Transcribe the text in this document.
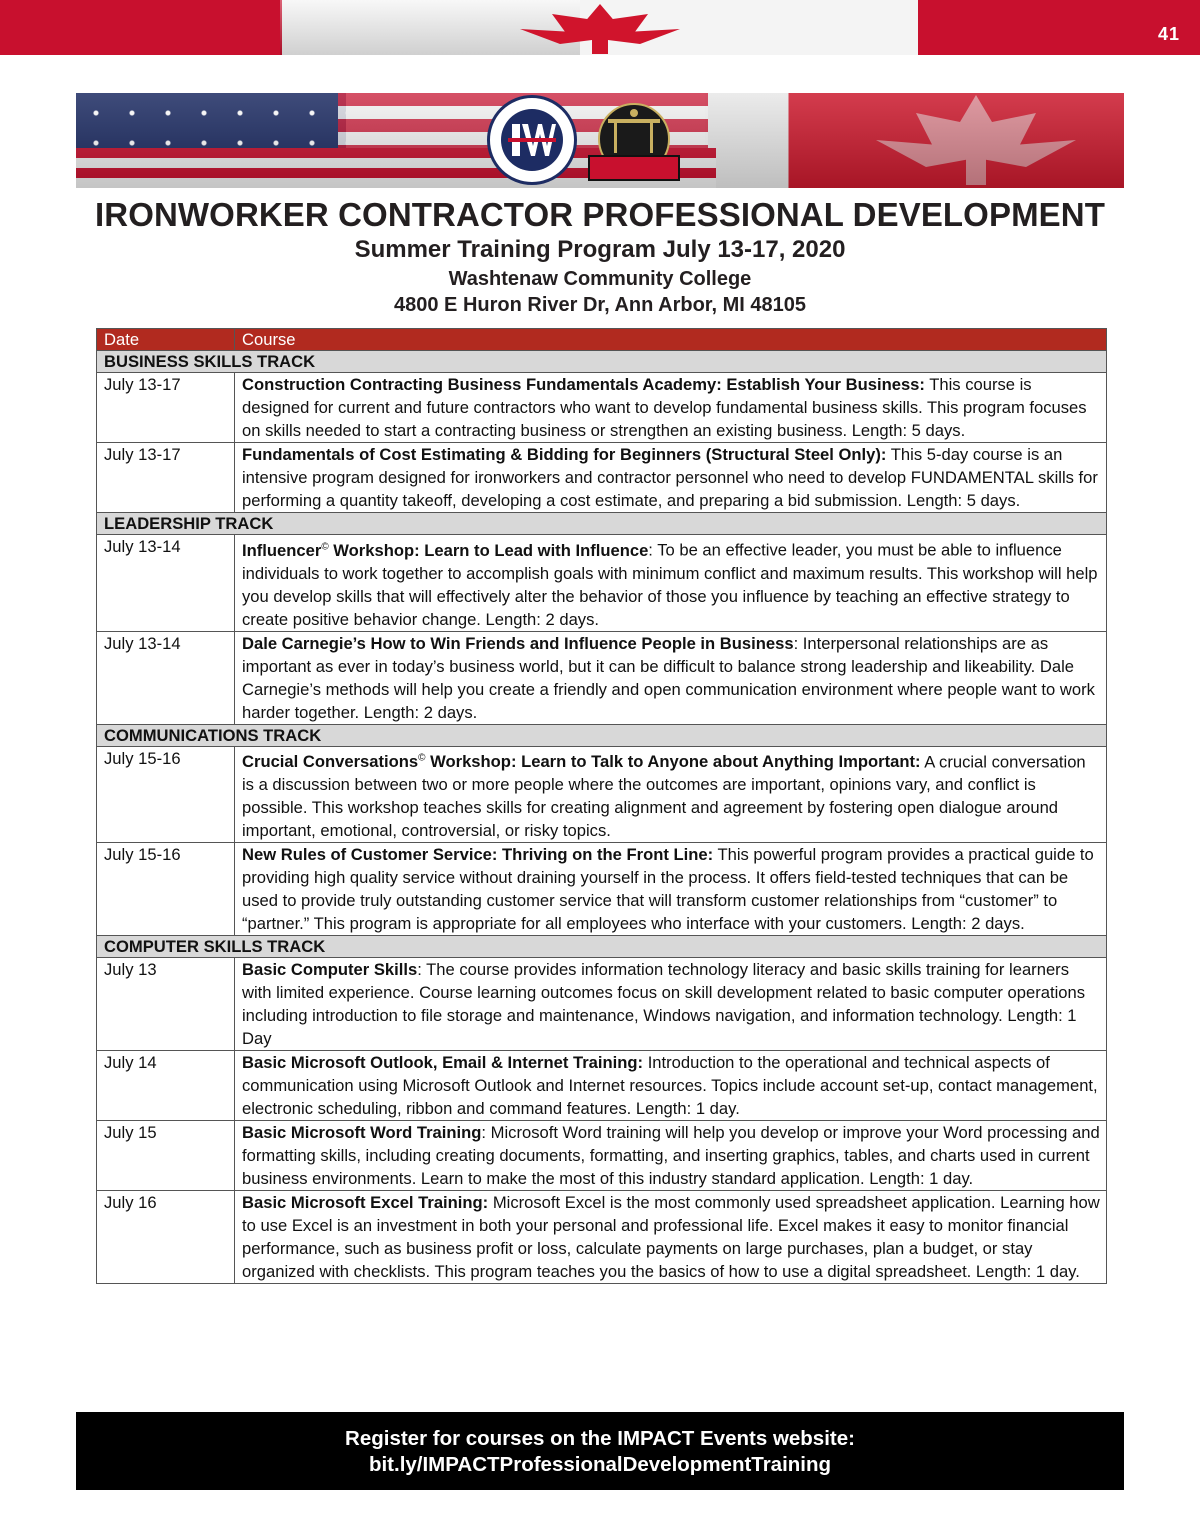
41
IRONWORKER CONTRACTOR PROFESSIONAL DEVELOPMENT
Summer Training Program July 13-17, 2020
Washtenaw Community College
4800 E Huron River Dr, Ann Arbor, MI 48105
Date	Course
BUSINESS SKILLS TRACK	
July 13-17	Construction Contracting Business Fundamentals Academy: Establish Your Business: This course is designed for current and future contractors who want to develop fundamental business skills. This program focuses on skills needed to start a contracting business or strengthen an existing business. Length: 5 days.
July 13-17	Fundamentals of Cost Estimating & Bidding for Beginners (Structural Steel Only): This 5-day course is an intensive program designed for ironworkers and contractor personnel who need to develop FUNDAMENTAL skills for performing a quantity takeoff, developing a cost estimate, and preparing a bid submission. Length: 5 days.
LEADERSHIP TRACK	
July 13-14	Influencer© Workshop: Learn to Lead with Influence: To be an effective leader, you must be able to influence individuals to work together to accomplish goals with minimum conflict and maximum results. This workshop will help you develop skills that will effectively alter the behavior of those you influence by teaching an effective strategy to create positive behavior change. Length: 2 days.
July 13-14	Dale Carnegie’s How to Win Friends and Influence People in Business: Interpersonal relationships are as important as ever in today’s business world, but it can be difficult to balance strong leadership and likeability. Dale Carnegie’s methods will help you create a friendly and open communication environment where people want to work harder together. Length: 2 days.
COMMUNICATIONS TRACK	
July 15-16	Crucial Conversations© Workshop: Learn to Talk to Anyone about Anything Important: A crucial conversation is a discussion between two or more people where the outcomes are important, opinions vary, and conflict is possible. This workshop teaches skills for creating alignment and agreement by fostering open dialogue around important, emotional, controversial, or risky topics.
July 15-16	New Rules of Customer Service: Thriving on the Front Line: This powerful program provides a practical guide to providing high quality service without draining yourself in the process. It offers field-tested techniques that can be used to provide truly outstanding customer service that will transform customer relationships from “customer” to “partner.” This program is appropriate for all employees who interface with your customers. Length: 2 days.
COMPUTER SKILLS TRACK	
July 13	Basic Computer Skills: The course provides information technology literacy and basic skills training for learners with limited experience. Course learning outcomes focus on skill development related to basic computer operations including introduction to file storage and maintenance, Windows navigation, and information technology. Length: 1 Day
July 14	Basic Microsoft Outlook, Email & Internet Training: Introduction to the operational and technical aspects of communication using Microsoft Outlook and Internet resources. Topics include account set-up, contact management, electronic scheduling, ribbon and command features. Length: 1 day.
July 15	Basic Microsoft Word Training: Microsoft Word training will help you develop or improve your Word processing and formatting skills, including creating documents, formatting, and inserting graphics, tables, and charts used in current business environments. Learn to make the most of this industry standard application. Length: 1 day.
July 16	Basic Microsoft Excel Training: Microsoft Excel is the most commonly used spreadsheet application. Learning how to use Excel is an investment in both your personal and professional life. Excel makes it easy to monitor financial performance, such as business profit or loss, calculate payments on large purchases, plan a budget, or stay organized with checklists. This program teaches you the basics of how to use a digital spreadsheet. Length: 1 day.
Register for courses on the IMPACT Events website:
bit.ly/IMPACTProfessionalDevelopmentTraining
